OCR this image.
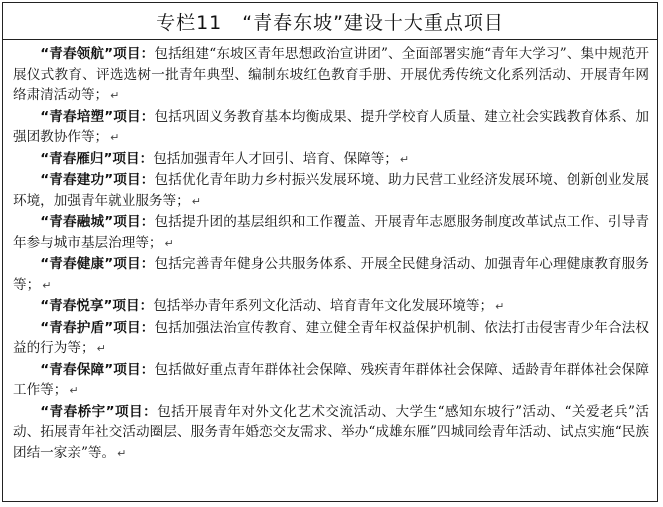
专栏11　“青春东坡”建设十大重点项目

“青春领航”项目：包括组建“东坡区青年思想政治宣讲团”、全面部署实施“青年大学习”、集中规范开展仪式教育、评选选树一批青年典型、编制东坡红色教育手册、开展优秀传统文化系列活动、开展青年网络肃清活动等； ↵

“青春培塑”项目：包括巩固义务教育基本均衡成果、提升学校育人质量、建立社会实践教育体系、加强团教协作等； ↵

“青春雁归”项目：包括加强青年人才回引、培育、保障等； ↵

“青春建功”项目：包括优化青年助力乡村振兴发展环境、助力民营工业经济发展环境、创新创业发展环境，加强青年就业服务等； ↵

“青春融城”项目：包括提升团的基层组织和工作覆盖、开展青年志愿服务制度改革试点工作、引导青年参与城市基层治理等； ↵

“青春健康”项目：包括完善青年健身公共服务体系、开展全民健身活动、加强青年心理健康教育服务等； ↵

“青春悦享”项目：包括举办青年系列文化活动、培育青年文化发展环境等； ↵

“青春护盾”项目：包括加强法治宣传教育、建立健全青年权益保护机制、依法打击侵害青少年合法权益的行为等； ↵

“青春保障”项目：包括做好重点青年群体社会保障、残疾青年群体社会保障、适龄青年群体社会保障工作等； ↵

“青春桥宇”项目：包括开展青年对外文化艺术交流活动、大学生“感知东坡行”活动、“关爱老兵”活动、拓展青年社交活动圈层、服务青年婚恋交友需求、举办“成雄东雁”四城同绘青年活动、试点实施“民族团结一家亲”等。 ↵
